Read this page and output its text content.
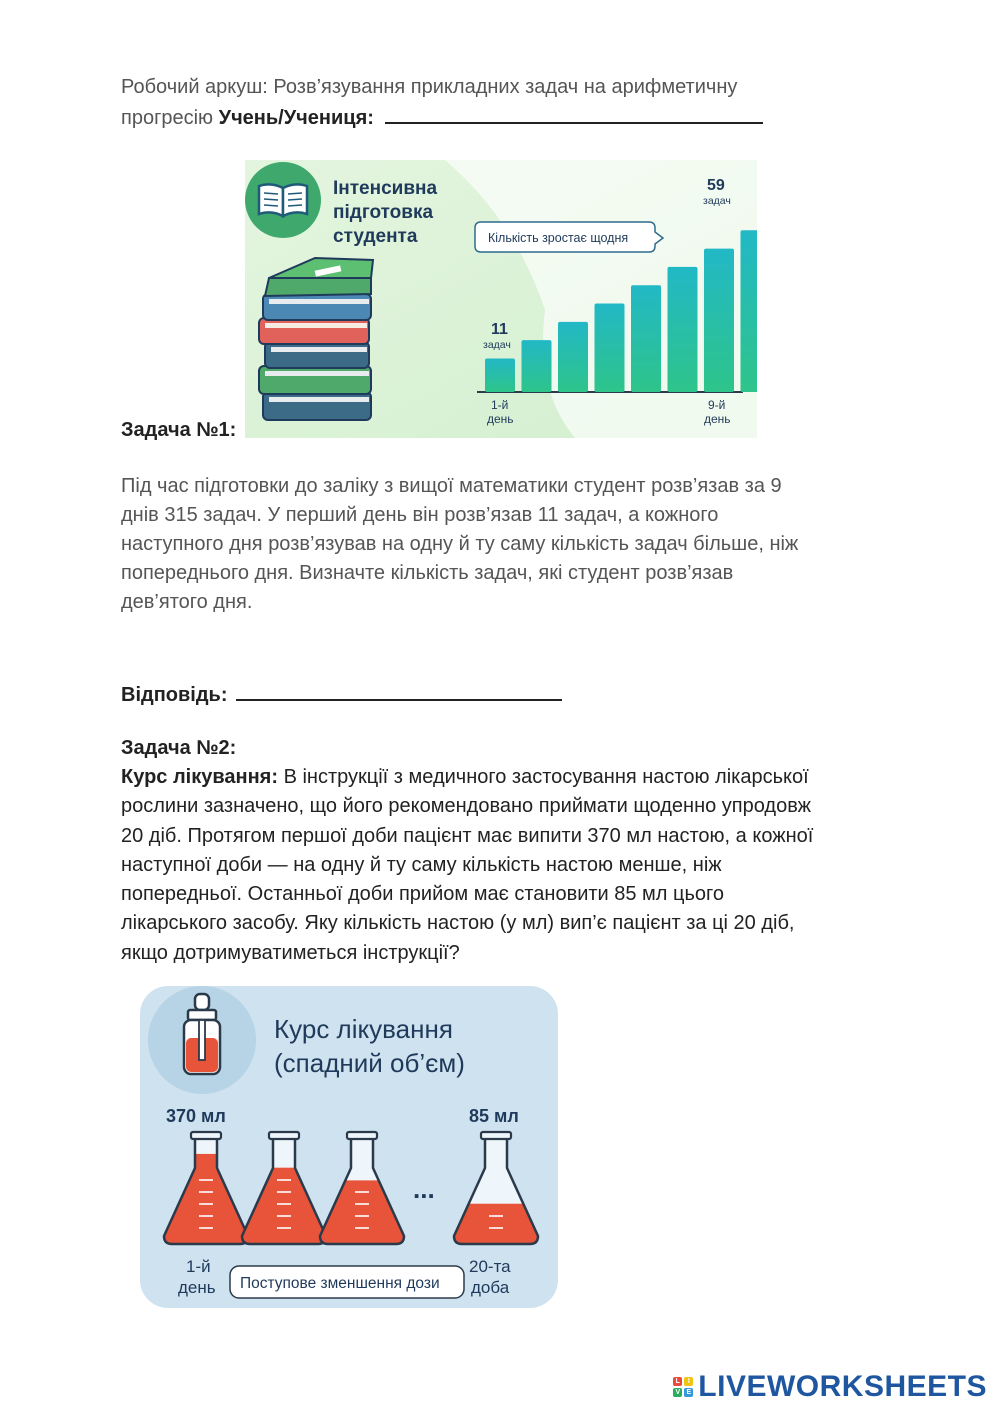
Робочий аркуш: Розв’язування прикладних задач на арифметичну
прогресію Учень/Учениця:
Інтенсивна
підготовка
студента	Кількість зростає щодня
11
задач
59
задач
1-й
день
9-й
день
Задача №1:
Під час підготовки до заліку з вищої математики студент розв’язав за 9
днів 315 задач. У перший день він розв’язав 11 задач, а кожного
наступного дня розв’язував на одну й ту саму кількість задач більше, ніж
попереднього дня. Визначте кількість задач, які студент розв’язав
дев’ятого дня.
Відповідь:
Задача №2:
Курс лікування: В інструкції з медичного застосування настою лікарської
рослини зазначено, що його рекомендовано приймати щоденно упродовж
20 діб. Протягом першої доби пацієнт має випити 370 мл настою, а кожної
наступної доби — на одну й ту саму кількість настою менше, ніж
попередньої. Останньої доби прийом має становити 85 мл цього
лікарського засобу. Яку кількість настою (у мл) вип’є пацієнт за ці 20 діб,
якщо дотримуватиметься інструкції?
Курс лікування
(спадний об’єм)
370 мл	85 мл
...
1-й
день
20-та
доба
Поступове зменшення дози
L	I
V E LIVEWORKSHEETS
